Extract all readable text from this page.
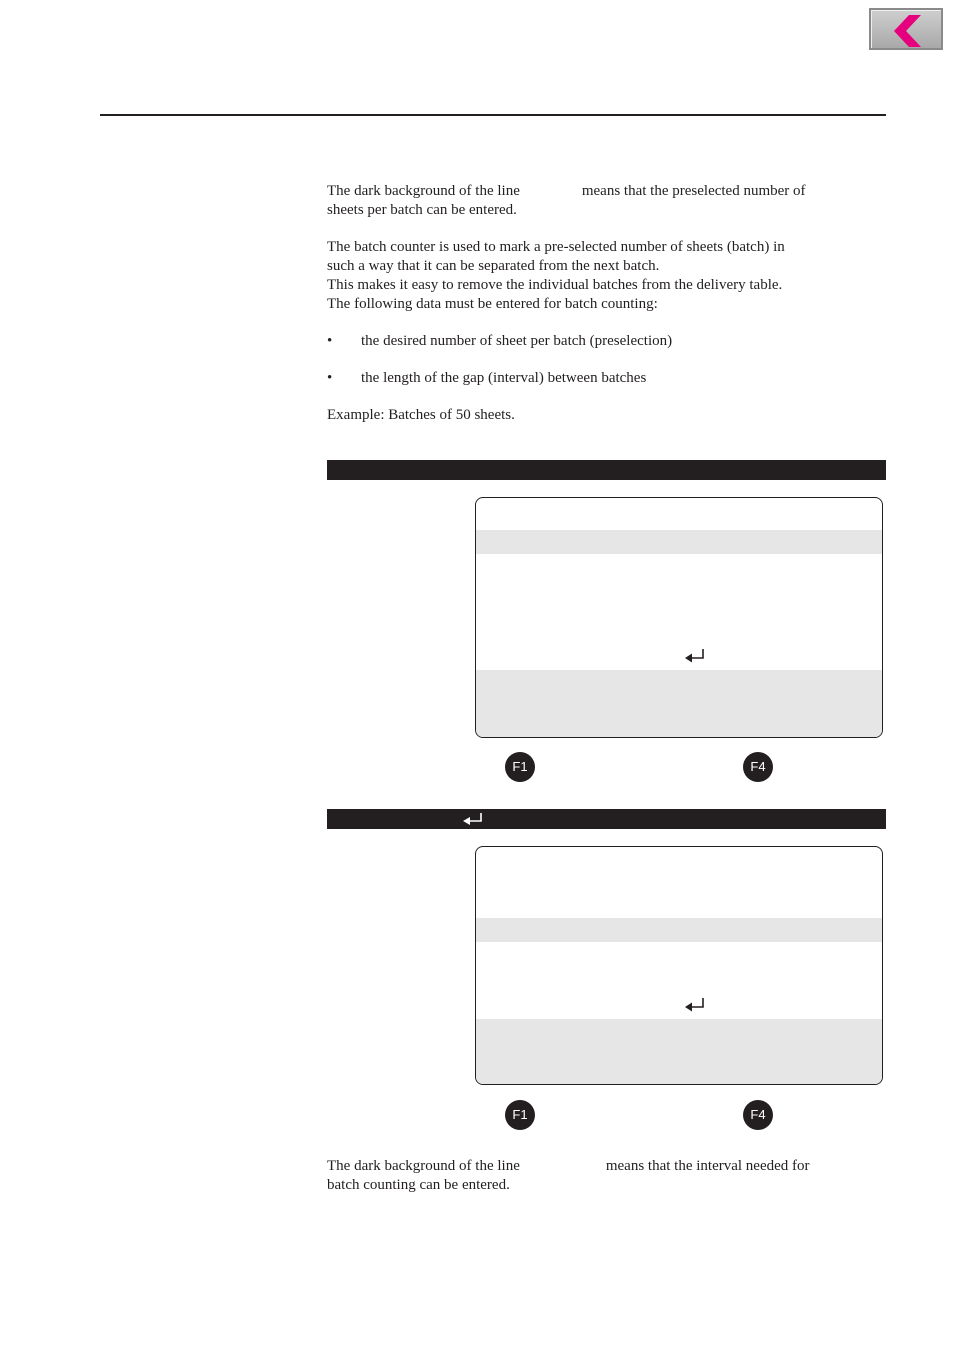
The dark background of the line	means that the preselected number of

sheets per batch can be entered.

The batch counter is used to mark a pre-selected number of sheets (batch) in

such a way that it can be separated from the next batch.

This makes it easy to remove the individual batches from the delivery table.

The following data must be entered for batch counting:

• the desired number of sheet per batch (preselection)

• the length of the gap (interval) between batches

Example: Batches of 50 sheets.

F1	F4
F1	F4

The dark background of the line	means that the interval needed for

batch counting can be entered.
